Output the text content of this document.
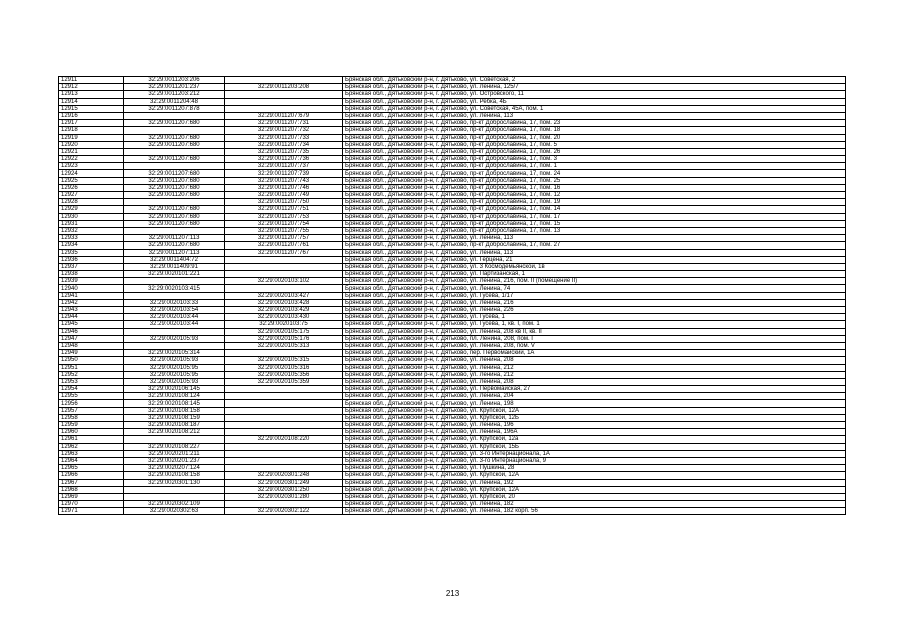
12911	32:29:0011203:206		Брянская обл., Дятьковский р-н, г. Дятьково, ул. Советская, 2
12912	32:29:0011201:237	32:29:0011203:208	Брянская обл., Дятьковский р-н, г. Дятьково, ул. Ленина, 125/7
12913	32:29:0011203:212		Брянская обл., Дятьковский р-н, г. Дятьково, ул. Островского, 11
12914	32:29:0011204:48		Брянская обл., Дятьковский р-н, г. Дятьково, ул. Ребка, 4Б
12915	32:29:0011207:878		Брянская обл., Дятьковский р-н, г. Дятьково, ул. Советская, 45А, пом. 1
12916		32:29:0011207:679	Брянская обл., Дятьковский р-н, г. Дятьково, ул. Ленина, 113
12917	32:29:0011207:680	32:29:0011207:731	Брянская обл., Дятьковский р-н, г. Дятьково, пр-кт Доброславина, 17, пом. 23
12918		32:29:0011207:732	Брянская обл., Дятьковский р-н, г. Дятьково, пр-кт Доброславина, 17, пом. 18
12919	32:29:0011207:680	32:29:0011207:733	Брянская обл., Дятьковский р-н, г. Дятьково, пр-кт Доброславина, 17, пом. 20
12920	32:29:0011207:680	32:29:0011207:734	Брянская обл., Дятьковский р-н, г. Дятьково, пр-кт Доброславина, 17, пом. 5
12921		32:29:0011207:735	Брянская обл., Дятьковский р-н, г. Дятьково, пр-кт Доброславина, 17, пом. 26
12922	32:29:0011207:680	32:29:0011207:736	Брянская обл., Дятьковский р-н, г. Дятьково, пр-кт Доброславина, 17, пом. 3
12923		32:29:0011207:737	Брянская обл., Дятьковский р-н, г. Дятьково, пр-кт Доброславина, 17, пом. 1
12924	32:29:0011207:680	32:29:0011207:739	Брянская обл., Дятьковский р-н, г. Дятьково, пр-кт Доброславина, 17, пом. 24
12925	32:29:0011207:680	32:29:0011207:743	Брянская обл., Дятьковский р-н, г. Дятьково, пр-кт Доброславина, 17, пом. 25
12926	32:29:0011207:680	32:29:0011207:746	Брянская обл., Дятьковский р-н, г. Дятьково, пр-кт Доброславина, 17, пом. 16
12927	32:29:0011207:680	32:29:0011207:749	Брянская обл., Дятьковский р-н, г. Дятьково, пр-кт Доброславина, 17, пом. 12
12928		32:29:0011207:750	Брянская обл., Дятьковский р-н, г. Дятьково, пр-кт Доброславина, 17, пом. 19
12929	32:29:0011207:680	32:29:0011207:751	Брянская обл., Дятьковский р-н, г. Дятьково, пр-кт Доброславина, 17, пом. 14
12930	32:29:0011207:680	32:29:0011207:753	Брянская обл., Дятьковский р-н, г. Дятьково, пр-кт Доброславина, 17, пом. 17
12931	32:29:0011207:680	32:29:0011207:754	Брянская обл., Дятьковский р-н, г. Дятьково, пр-кт Доброславина, 17, пом. 15
12932		32:29:0011207:755	Брянская обл., Дятьковский р-н, г. Дятьково, пр-кт Доброславина, 17, пом. 13
12933	32:29:0011207:113	32:29:0011207:757	Брянская обл., Дятьковский р-н, г. Дятьково, ул. Ленина, 113
12934	32:29:0011207:680	32:29:0011207:761	Брянская обл., Дятьковский р-н, г. Дятьково, пр-кт Доброславина, 17, пом. 27
12935	32:29:0011207:113	32:29:0011207:767	Брянская обл., Дятьковский р-н, г. Дятьково, ул. Ленина, 113
12936	32:29:0011404:72		Брянская обл., Дятьковский р-н, г. Дятьково, ул. Герцена, 21
12937	32:29:0011409:91		Брянская обл., Дятьковский р-н, г. Дятьково, ул. 3 Космодемьянской, 1в
12938	32:29:0020101:221		Брянская обл., Дятьковский р-н, г. Дятьково, ул. Партизанская, 1
12939		32:29:0020103:102	Брянская обл., Дятьковский р-н, г. Дятьково, ул. Ленина, 216, пом. II (помещение II)
12940	32:29:0020103:415		Брянская обл., Дятьковский р-н, г. Дятьково, ул. Ленина, 74
12941		32:29:0020103:427	Брянская обл., Дятьковский р-н, г. Дятьково, ул. Гусева, 1/17
12942	32:29:0020103:33	32:29:0020103:428	Брянская обл., Дятьковский р-н, г. Дятьково, ул. Ленина, 216
12943	32:29:0020103:54	32:29:0020103:429	Брянская обл., Дятьковский р-н, г. Дятьково, ул. Ленина, 226
12944	32:29:0020103:44	32:29:0020103:430	Брянская обл., Дятьковский р-н, г. Дятьково, ул. Гусева, 1
12945	32:29:0020103:44	32:29:0020103:75	Брянская обл., Дятьковский р-н, г. Дятьково, ул. Гусева, 1, кв. I, пом. 1
12946		32:29:0020105:175	Брянская обл., Дятьковский р-н, г. Дятьково, ул. Ленина, 208 кв II, кв. II
12947	32:29:0020105:93	32:29:0020105:176	Брянская обл., Дятьковский р-н, г. Дятьково, пл. Ленина, 208, пом. I
12948		32:29:0020105:313	Брянская обл., Дятьковский р-н, г. Дятьково, ул. Ленина, 208, пом. V
12949	32:29:0020105:314		Брянская обл., Дятьковский р-н, г. Дятьково, пер. Первомайский, 1А
12950	32:29:0020105:93	32:29:0020105:315	Брянская обл., Дятьковский р-н, г. Дятьково, ул. Ленина, 208
12951	32:29:0020105:95	32:29:0020105:316	Брянская обл., Дятьковский р-н, г. Дятьково, ул. Ленина, 212
12952	32:29:0020105:95	32:29:0020105:356	Брянская обл., Дятьковский р-н, г. Дятьково, ул. Ленина, 212
12953	32:29:0020105:93	32:29:0020105:359	Брянская обл., Дятьковский р-н, г. Дятьково, ул. Ленина, 208
12954	32:29:0020106:145		Брянская обл., Дятьковский р-н, г. Дятьково, ул. Первомайская, 27
12955	32:29:0020108:124		Брянская обл., Дятьковский р-н, г. Дятьково, ул. Ленина, 204
12956	32:29:0020108:145		Брянская обл., Дятьковский р-н, г. Дятьково, ул. Ленина, 198
12957	32:29:0020108:158		Брянская обл., Дятьковский р-н, г. Дятьково, ул. Крупской, 12А
12958	32:29:0020108:159		Брянская обл., Дятьковский р-н, г. Дятьково, ул. Крупской, 12Б
12959	32:29:0020108:187		Брянская обл., Дятьковский р-н, г. Дятьково, ул. Ленина, 196
12960	32:29:0020108:212		Брянская обл., Дятьковский р-н, г. Дятьково, ул. Ленина, 196А
12961		32:29:0020108:220	Брянская обл., Дятьковский р-н, г. Дятьково, ул. Крупской, 12а
12962	32:29:0020108:227		Брянская обл., Дятьковский р-н, г. Дятьково, ул. Крупской, 15Б
12963	32:29:0020201:211		Брянская обл., Дятьковский р-н, г. Дятьково, ул. 3-го Интернационала, 1А
12964	32:29:0020201:237		Брянская обл., Дятьковский р-н, г. Дятьково, ул. 3-го Интернационала, 9
12965	32:29:0020207:124		Брянская обл., Дятьковский р-н, г. Дятьково, ул. Пушкина, 28
12966	32:29:0020108:158	32:29:0020301:248	Брянская обл., Дятьковский р-н, г. Дятьково, ул. Крупской, 12А
12967	32:29:0020301:130	32:29:0020301:249	Брянская обл., Дятьковский р-н, г. Дятьково, ул. Ленина, 192
12968		32:29:0020301:250	Брянская обл., Дятьковский р-н, г. Дятьково, ул. Крупской, 12А
12969		32:29:0020301:280	Брянская обл., Дятьковский р-н, г. Дятьково, ул. Крупской, 20
12970	32:29:0020302:109		Брянская обл., Дятьковский р-н, г. Дятьково, ул. Ленина, 182
12971	32:29:0020302:63	32:29:0020302:122	Брянская обл., Дятьковский р-н, г. Дятьково, ул. Ленина, 182 корп. 56
213
